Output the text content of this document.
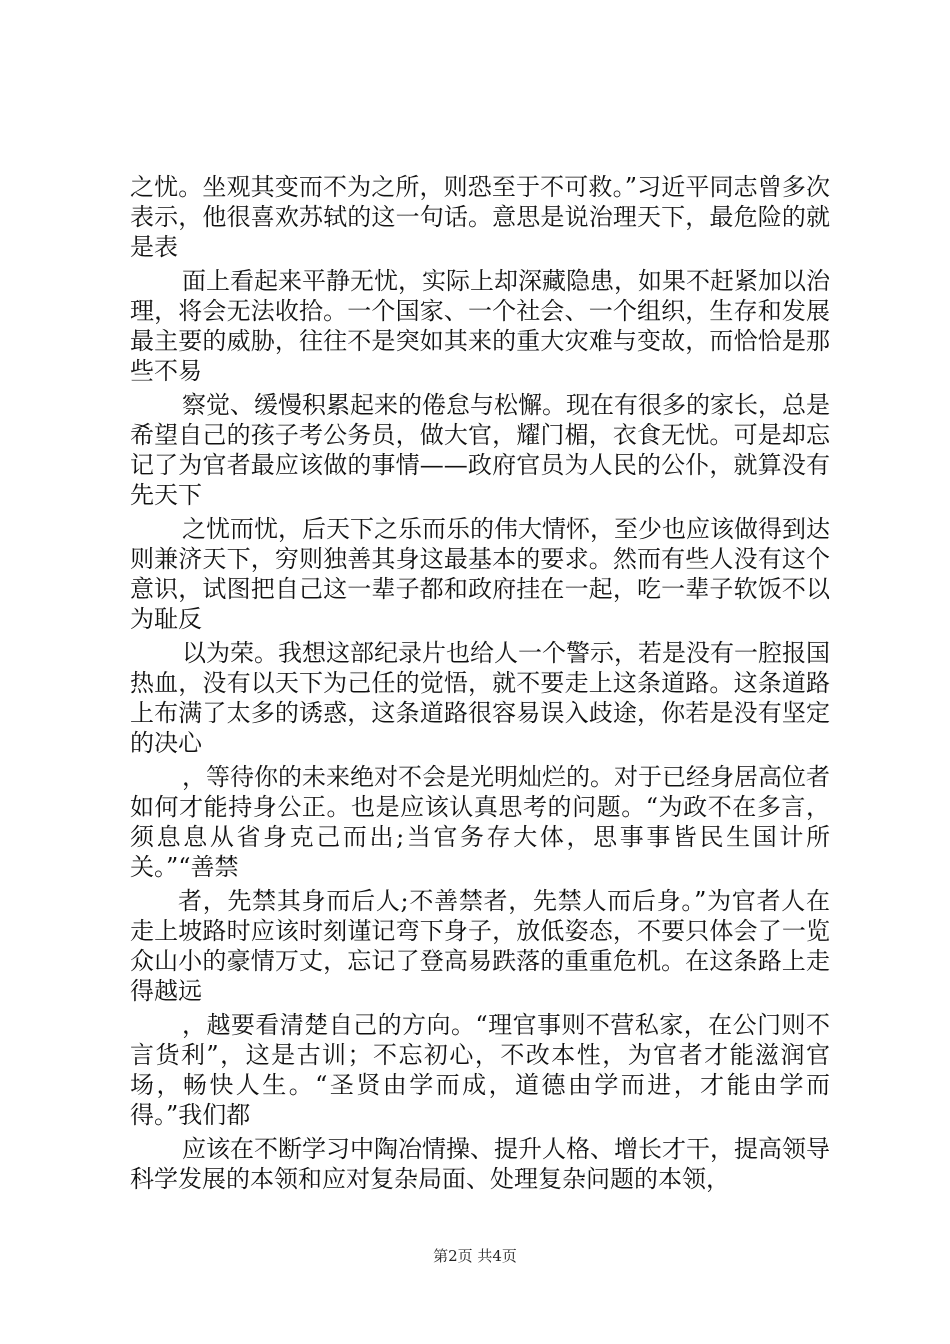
之忧。坐观其变而不为之所，则恐至于不可救。”习近平同志曾多次表示，他很喜欢苏轼的这一句话。意思是说治理天下，最危险的就是表

面上看起来平静无忧，实际上却深藏隐患，如果不赶紧加以治理，将会无法收拾。一个国家、一个社会、一个组织，生存和发展最主要的威胁，往往不是突如其来的重大灾难与变故，而恰恰是那些不易

察觉、缓慢积累起来的倦怠与松懈。现在有很多的家长，总是希望自己的孩子考公务员，做大官，耀门楣，衣食无忧。可是却忘记了为官者最应该做的事情——政府官员为人民的公仆，就算没有先天下

之忧而忧，后天下之乐而乐的伟大情怀，至少也应该做得到达则兼济天下，穷则独善其身这最基本的要求。然而有些人没有这个意识，试图把自己这一辈子都和政府挂在一起，吃一辈子软饭不以为耻反

以为荣。我想这部纪录片也给人一个警示，若是没有一腔报国热血，没有以天下为己任的觉悟，就不要走上这条道路。这条道路上布满了太多的诱惑，这条道路很容易误入歧途，你若是没有坚定的决心

，等待你的未来绝对不会是光明灿烂的。对于已经身居高位者如何才能持身公正。也是应该认真思考的问题。“为政不在多言，须息息从省身克己而出;当官务存大体，思事事皆民生国计所关。”“善禁

者，先禁其身而后人;不善禁者，先禁人而后身。”为官者人在走上坡路时应该时刻谨记弯下身子，放低姿态，不要只体会了一览众山小的豪情万丈，忘记了登高易跌落的重重危机。在这条路上走得越远

，越要看清楚自己的方向。“理官事则不营私家，在公门则不言货利”，这是古训；不忘初心，不改本性，为官者才能滋润官场，畅快人生。“圣贤由学而成，道德由学而进，才能由学而得。”我们都

应该在不断学习中陶冶情操、提升人格、增长才干，提高领导科学发展的本领和应对复杂局面、处理复杂问题的本领，

第2页 共4页
